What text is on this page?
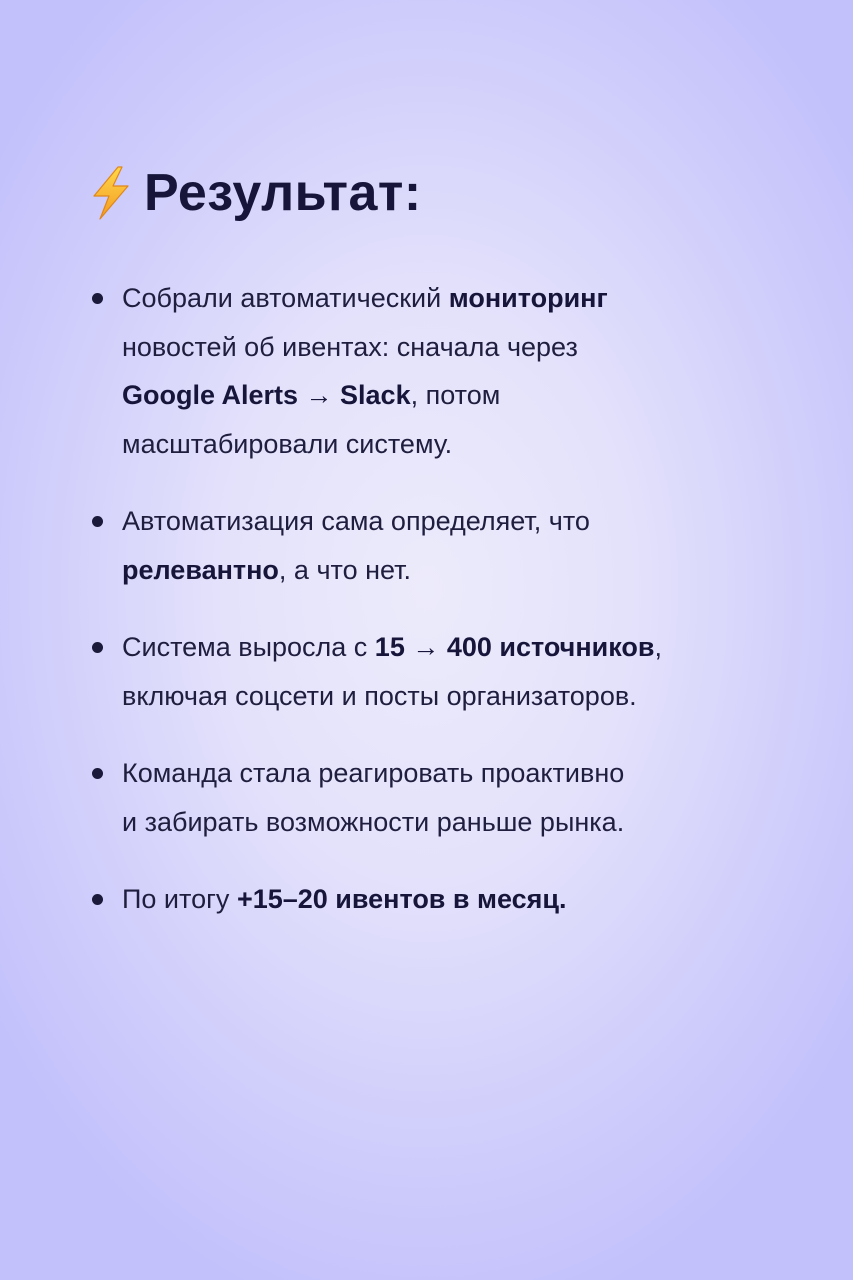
Результат:
Собрали автоматический мониторинг
новостей об ивентах: сначала через
Google Alerts → Slack, потом
масштабировали систему.
Автоматизация сама определяет, что
релевантно, а что нет.
Система выросла с 15 → 400 источников,
включая соцсети и посты организаторов.
Команда стала реагировать проактивно
и забирать возможности раньше рынка.
По итогу +15–20 ивентов в месяц.
